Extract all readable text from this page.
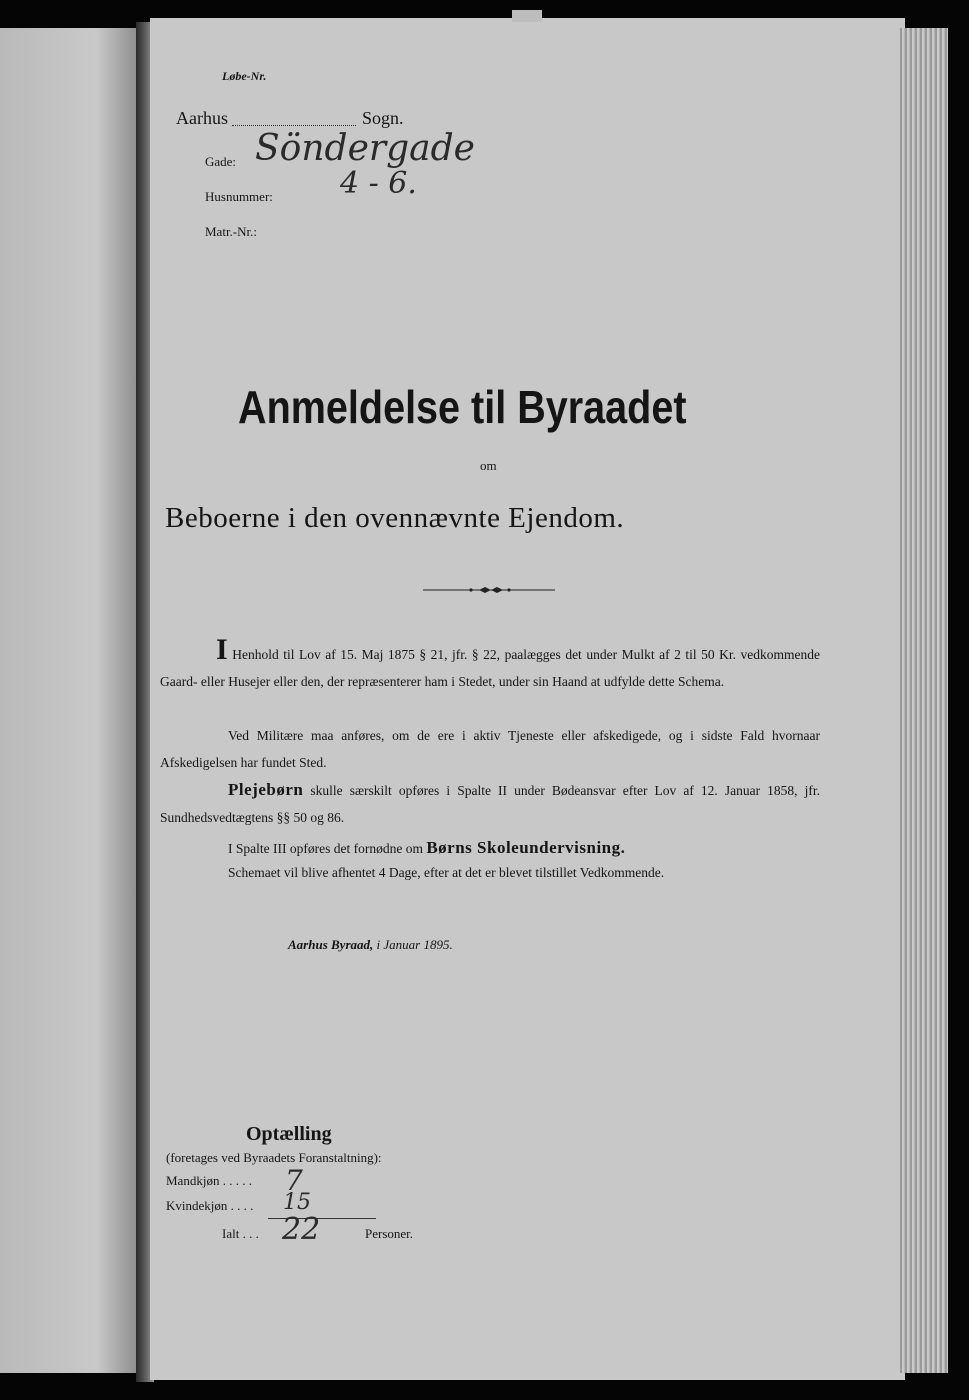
Løbe-Nr.

Aarhus	Sogn.

Gade: Söndergade

Husnummer: 4 - 6.

Matr.-Nr.:

Anmeldelse til Byraadet

om

Beboerne i den ovennævnte Ejendom.

I Henhold til Lov af 15. Maj 1875 § 21, jfr. § 22, paalægges det under Mulkt af 2 til 50 Kr. vedkommende Gaard- eller Husejer eller den, der repræsenterer ham i Stedet, under sin Haand at udfylde dette Schema.

Ved Militære maa anføres, om de ere i aktiv Tjeneste eller afskedigede, og i sidste Fald hvornaar Afskedigelsen har fundet Sted.

Plejebørn skulle særskilt opføres i Spalte II under Bødeansvar efter Lov af 12. Januar 1858, jfr. Sundhedsvedtægtens §§ 50 og 86.

I Spalte III opføres det fornødne om Børns Skoleundervisning.

Schemaet vil blive afhentet 4 Dage, efter at det er blevet tilstillet Vedkommende.

Aarhus Byraad, i Januar 1895.

Optælling

(foretages ved Byraadets Foranstaltning):

Mandkjøn . . . . . 7

Kvindekjøn . . . . 15

Ialt . . . 22	Personer.
